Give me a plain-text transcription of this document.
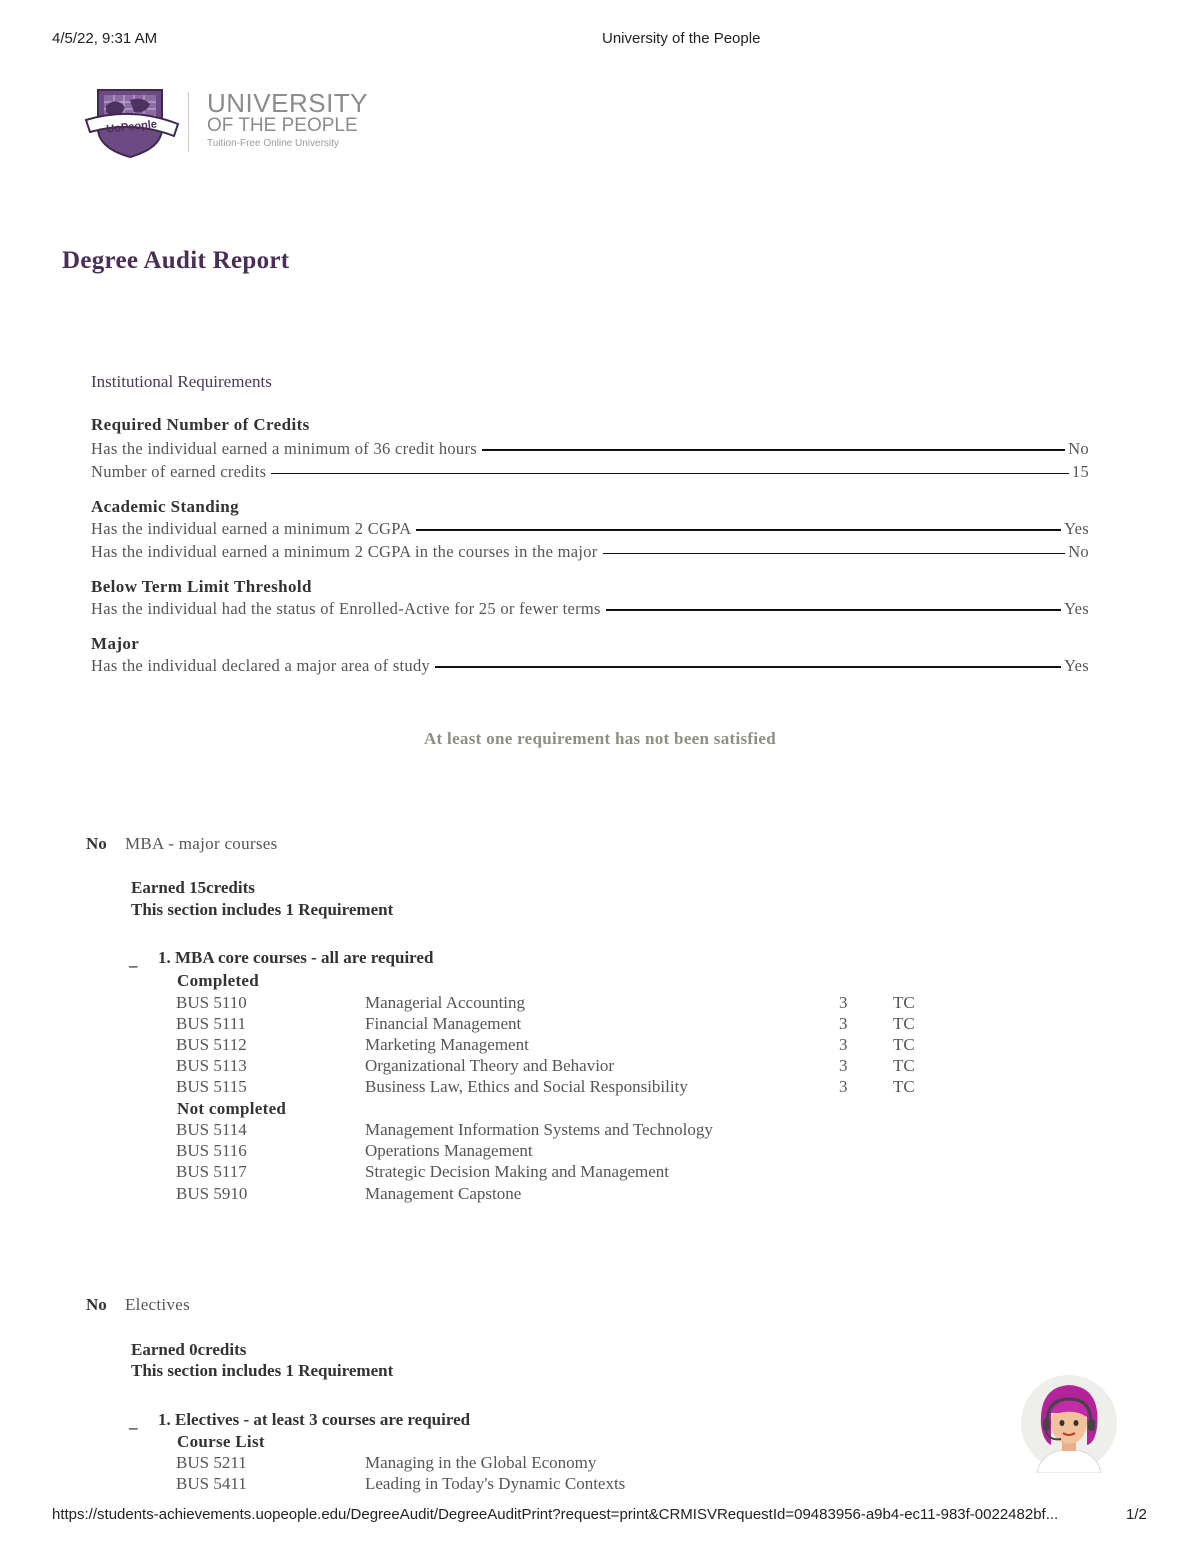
4/5/22, 9:31 AM	University of the People
UoPeople
UNIVERSITY
OF THE PEOPLE
Tuition-Free Online University
Degree Audit Report
Institutional Requirements
Required Number of Credits
Has the individual earned a minimum of 36 credit hours	No
Number of earned credits	15
Academic Standing
Has the individual earned a minimum 2 CGPA	Yes
Has the individual earned a minimum 2 CGPA in the courses in the major	No
Below Term Limit Threshold
Has the individual had the status of Enrolled-Active for 25 or fewer terms	Yes
Major
Has the individual declared a major area of study	Yes
At least one requirement has not been satisfied
No MBA - major courses
Earned 15credits
This section includes 1 Requirement
_ 1. MBA core courses - all are required
Completed
BUS 5110	Managerial Accounting	3	TC
BUS 5111	Financial Management	3	TC
BUS 5112	Marketing Management	3	TC
BUS 5113	Organizational Theory and Behavior	3	TC
BUS 5115	Business Law, Ethics and Social Responsibility	3	TC
Not completed
BUS 5114	Management Information Systems and Technology
BUS 5116	Operations Management
BUS 5117	Strategic Decision Making and Management
BUS 5910	Management Capstone
No Electives
Earned 0credits
This section includes 1 Requirement
_ 1. Electives - at least 3 courses are required
Course List
BUS 5211	Managing in the Global Economy
BUS 5411	Leading in Today's Dynamic Contexts
https://students-achievements.uopeople.edu/DegreeAudit/DegreeAuditPrint?request=print&CRMISVRequestId=09483956-a9b4-ec11-983f-0022482bf...	1/2
